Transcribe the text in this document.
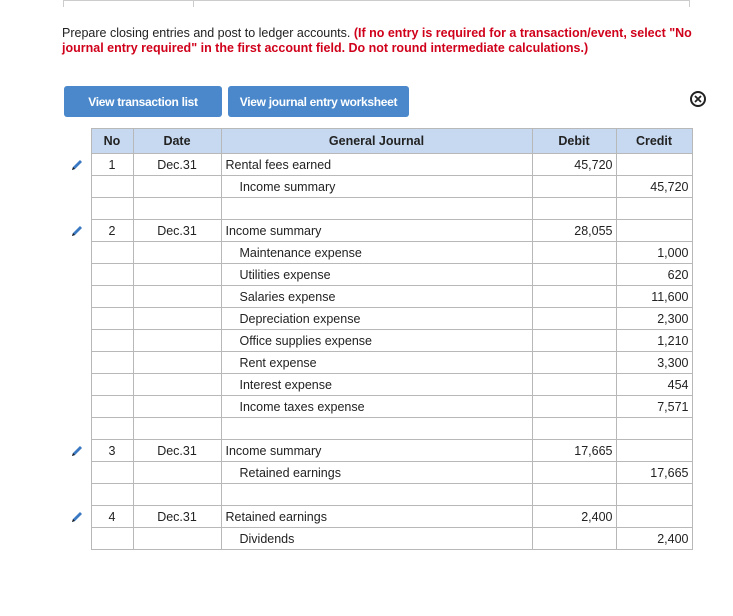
Prepare closing entries and post to ledger accounts. (If no entry is required for a transaction/event, select "No journal entry required" in the first account field. Do not round intermediate calculations.)
View transaction list	View journal entry worksheet
	No	Date	General Journal	Debit	Credit
	1	Dec.31	Rental fees earned	45,720	
			Income summary		45,720

	2	Dec.31	Income summary	28,055	
			Maintenance expense		1,000
			Utilities expense		620
			Salaries expense		11,600
			Depreciation expense		2,300
			Office supplies expense		1,210
			Rent expense		3,300
			Interest expense		454
			Income taxes expense		7,571

	3	Dec.31	Income summary	17,665	
			Retained earnings		17,665

	4	Dec.31	Retained earnings	2,400	
			Dividends		2,400
